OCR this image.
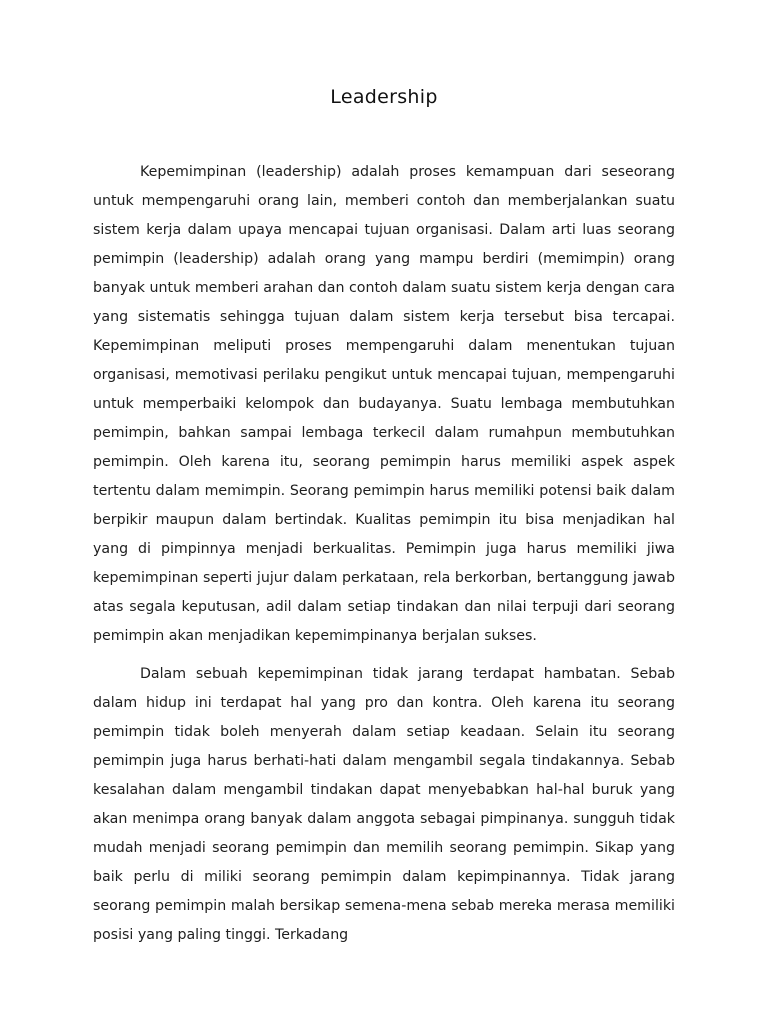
Leadership

Kepemimpinan (leadership) adalah proses kemampuan dari seseorang untuk mempengaruhi orang lain, memberi contoh dan memberjalankan suatu sistem kerja dalam upaya mencapai tujuan organisasi. Dalam arti luas seorang pemimpin (leadership) adalah orang yang mampu berdiri (memimpin) orang banyak untuk memberi arahan dan contoh dalam suatu sistem kerja dengan cara yang sistematis sehingga tujuan dalam sistem kerja tersebut bisa tercapai. Kepemimpinan meliputi proses mempengaruhi dalam menentukan tujuan organisasi, memotivasi perilaku pengikut untuk mencapai tujuan, mempengaruhi untuk memperbaiki kelompok dan budayanya. Suatu lembaga membutuhkan pemimpin, bahkan sampai lembaga terkecil dalam rumahpun membutuhkan pemimpin. Oleh karena itu, seorang pemimpin harus memiliki aspek aspek tertentu dalam memimpin. Seorang pemimpin harus memiliki potensi baik dalam berpikir maupun dalam bertindak. Kualitas pemimpin itu bisa menjadikan hal yang di pimpinnya menjadi berkualitas. Pemimpin juga harus memiliki jiwa kepemimpinan seperti jujur dalam perkataan, rela berkorban, bertanggung jawab atas segala keputusan, adil dalam setiap tindakan dan nilai terpuji dari seorang pemimpin akan menjadikan kepemimpinanya berjalan sukses.

Dalam sebuah kepemimpinan tidak jarang terdapat hambatan. Sebab dalam hidup ini terdapat hal yang pro dan kontra. Oleh karena itu seorang pemimpin tidak boleh menyerah dalam setiap keadaan. Selain itu seorang pemimpin juga harus berhati-hati dalam mengambil segala tindakannya. Sebab kesalahan dalam mengambil tindakan dapat menyebabkan hal-hal buruk yang akan menimpa orang banyak dalam anggota sebagai pimpinanya. sungguh tidak mudah menjadi seorang pemimpin dan memilih seorang pemimpin. Sikap yang baik perlu di miliki seorang pemimpin dalam kepimpinannya. Tidak jarang seorang pemimpin malah bersikap semena-mena sebab mereka merasa memiliki posisi yang paling tinggi. Terkadang
